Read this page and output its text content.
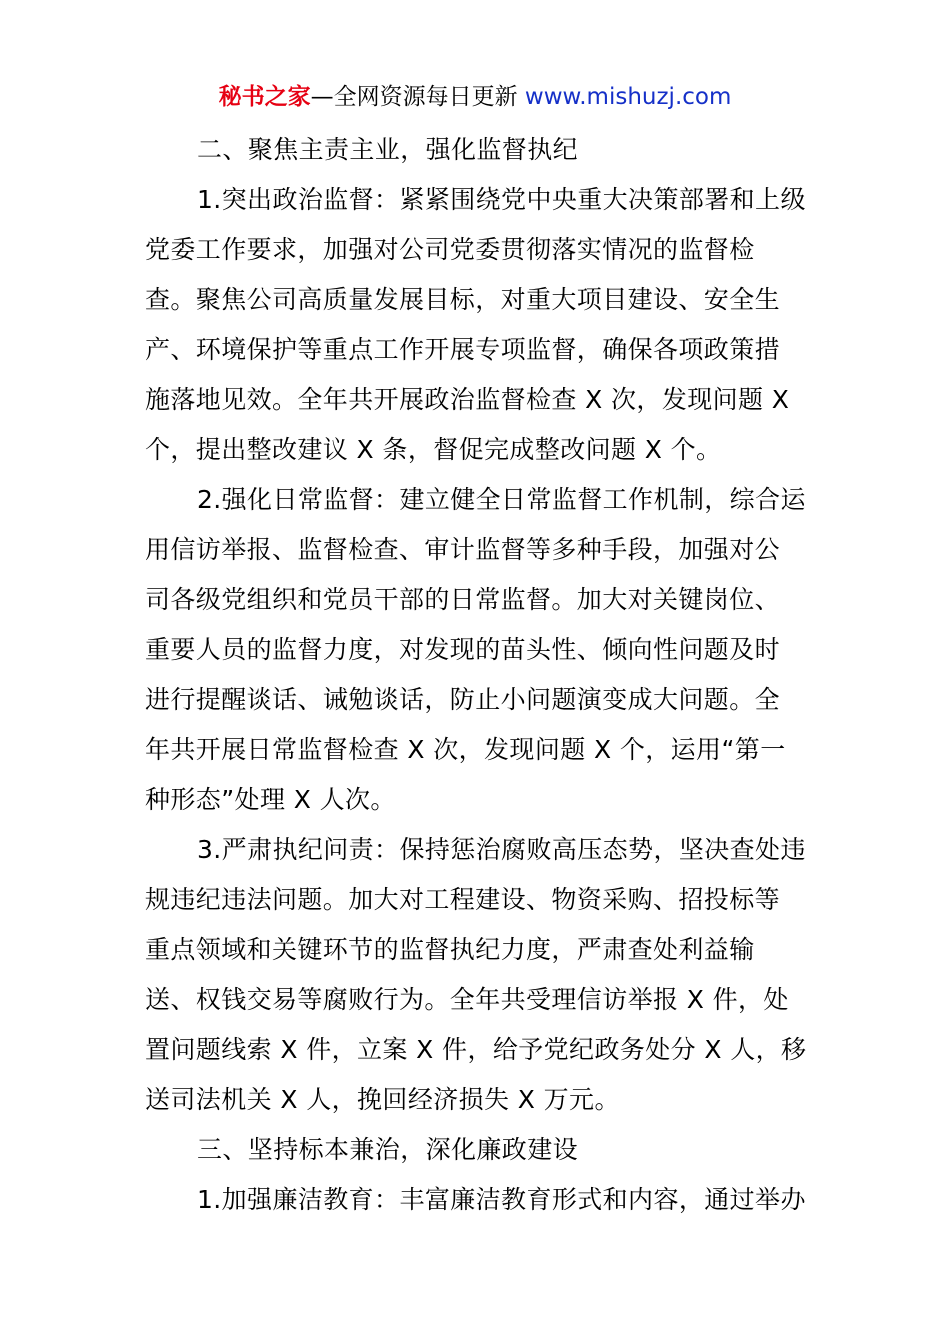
秘书之家—全网资源每日更新 www.mishuzj.com
二、聚焦主责主业，强化监督执纪
1.突出政治监督：紧紧围绕党中央重大决策部署和上级
党委工作要求，加强对公司党委贯彻落实情况的监督检
查。聚焦公司高质量发展目标，对重大项目建设、安全生
产、环境保护等重点工作开展专项监督，确保各项政策措
施落地见效。全年共开展政治监督检查 X 次，发现问题 X
个，提出整改建议 X 条，督促完成整改问题 X 个。
2.强化日常监督：建立健全日常监督工作机制，综合运
用信访举报、监督检查、审计监督等多种手段，加强对公
司各级党组织和党员干部的日常监督。加大对关键岗位、
重要人员的监督力度，对发现的苗头性、倾向性问题及时
进行提醒谈话、诫勉谈话，防止小问题演变成大问题。全
年共开展日常监督检查 X 次，发现问题 X 个，运用“第一
种形态”处理 X 人次。
3.严肃执纪问责：保持惩治腐败高压态势，坚决查处违
规违纪违法问题。加大对工程建设、物资采购、招投标等
重点领域和关键环节的监督执纪力度，严肃查处利益输
送、权钱交易等腐败行为。全年共受理信访举报 X 件，处
置问题线索 X 件，立案 X 件，给予党纪政务处分 X 人，移
送司法机关 X 人，挽回经济损失 X 万元。
三、坚持标本兼治，深化廉政建设
1.加强廉洁教育：丰富廉洁教育形式和内容，通过举办
